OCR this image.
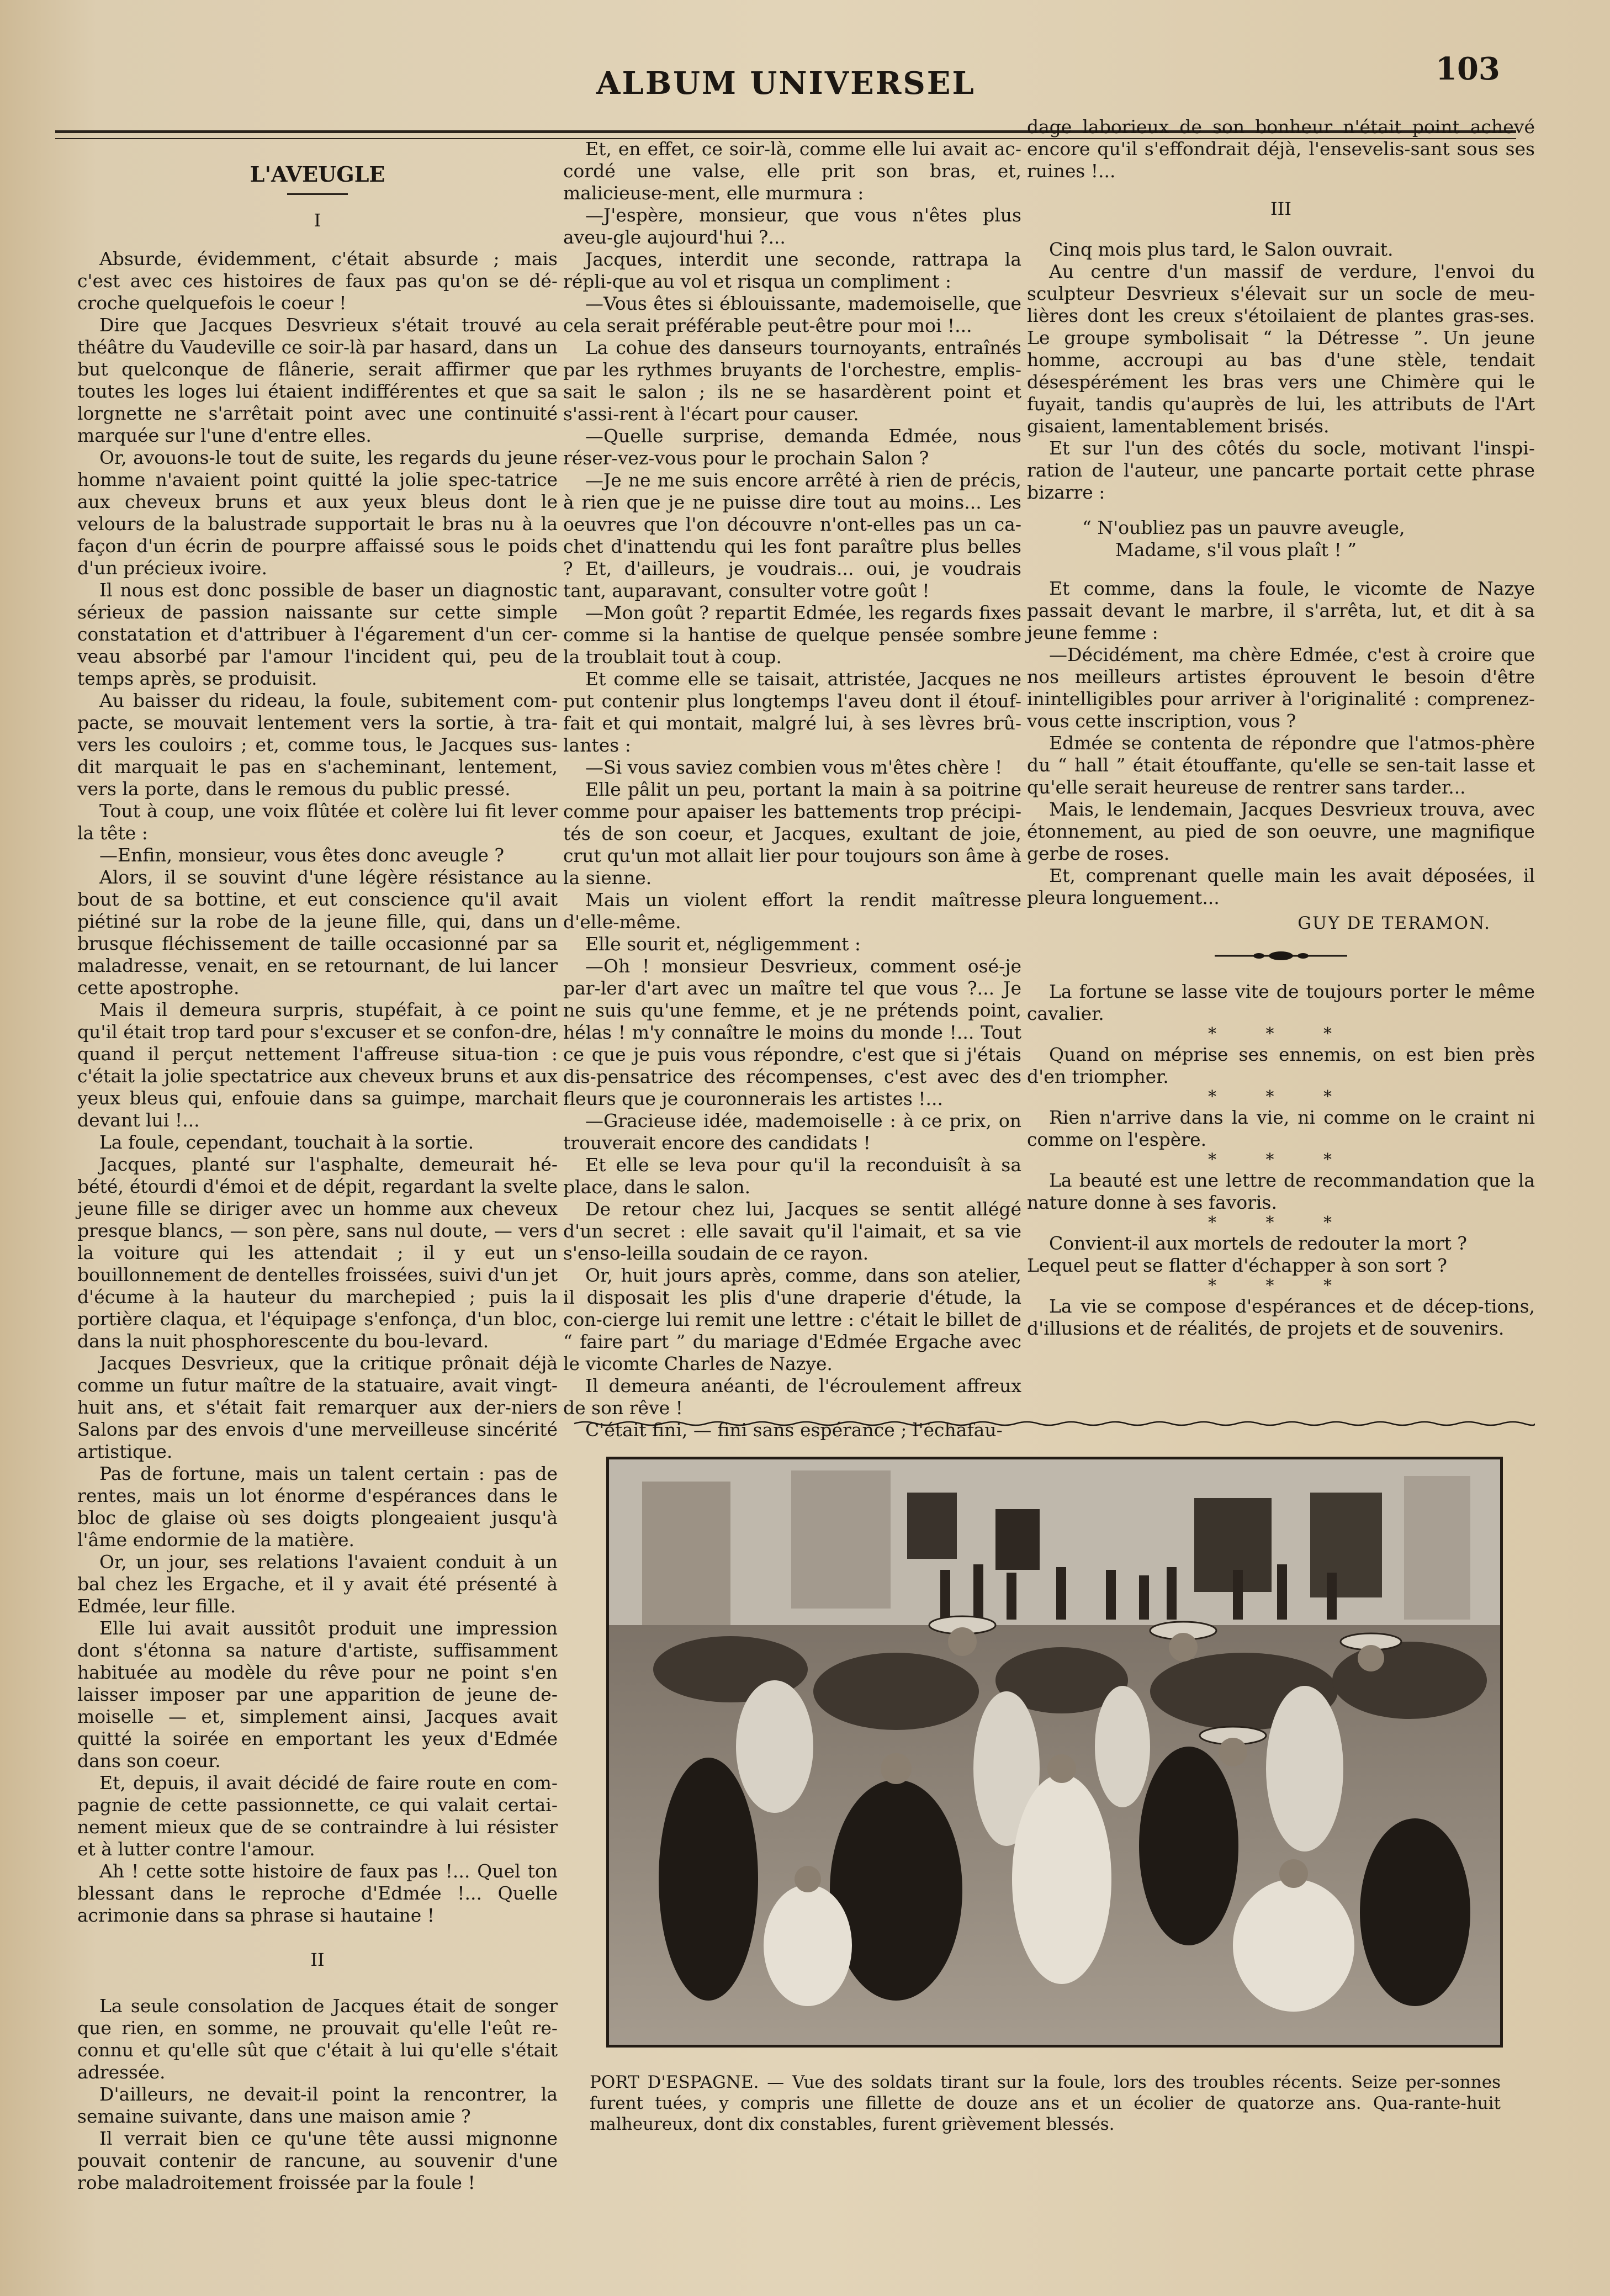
ALBUM UNIVERSEL	103
L'AVEUGLE
I

Absurde, évidemment, c'était absurde ; mais c'est avec ces histoires de faux pas qu'on se dé-croche quelquefois le coeur !

Dire que Jacques Desvrieux s'était trouvé au théâtre du Vaudeville ce soir-là par hasard, dans un but quelconque de flânerie, serait affirmer que toutes les loges lui étaient indifférentes et que sa lorgnette ne s'arrêtait point avec une continuité marquée sur l'une d'entre elles.

Or, avouons-le tout de suite, les regards du jeune homme n'avaient point quitté la jolie spec-tatrice aux cheveux bruns et aux yeux bleus dont le velours de la balustrade supportait le bras nu à la façon d'un écrin de pourpre affaissé sous le poids d'un précieux ivoire.

Il nous est donc possible de baser un diagnostic sérieux de passion naissante sur cette simple constatation et d'attribuer à l'égarement d'un cer-veau absorbé par l'amour l'incident qui, peu de temps après, se produisit.

Au baisser du rideau, la foule, subitement com-pacte, se mouvait lentement vers la sortie, à tra-vers les couloirs ; et, comme tous, le Jacques sus-dit marquait le pas en s'acheminant, lentement, vers la porte, dans le remous du public pressé.

Tout à coup, une voix flûtée et colère lui fit lever la tête :

—Enfin, monsieur, vous êtes donc aveugle ?

Alors, il se souvint d'une légère résistance au bout de sa bottine, et eut conscience qu'il avait piétiné sur la robe de la jeune fille, qui, dans un brusque fléchissement de taille occasionné par sa maladresse, venait, en se retournant, de lui lancer cette apostrophe.

Mais il demeura surpris, stupéfait, à ce point qu'il était trop tard pour s'excuser et se confon-dre, quand il perçut nettement l'affreuse situa-tion : c'était la jolie spectatrice aux cheveux bruns et aux yeux bleus qui, enfouie dans sa guimpe, marchait devant lui !...

La foule, cependant, touchait à la sortie.

Jacques, planté sur l'asphalte, demeurait hé-bété, étourdi d'émoi et de dépit, regardant la svelte jeune fille se diriger avec un homme aux cheveux presque blancs, — son père, sans nul doute, — vers la voiture qui les attendait ; il y eut un bouillonnement de dentelles froissées, suivi d'un jet d'écume à la hauteur du marchepied ; puis la portière claqua, et l'équipage s'enfonça, d'un bloc, dans la nuit phosphorescente du bou-levard.

Jacques Desvrieux, que la critique prônait déjà comme un futur maître de la statuaire, avait vingt-huit ans, et s'était fait remarquer aux der-niers Salons par des envois d'une merveilleuse sincérité artistique.

Pas de fortune, mais un talent certain : pas de rentes, mais un lot énorme d'espérances dans le bloc de glaise où ses doigts plongeaient jusqu'à l'âme endormie de la matière.

Or, un jour, ses relations l'avaient conduit à un bal chez les Ergache, et il y avait été présenté à Edmée, leur fille.

Elle lui avait aussitôt produit une impression dont s'étonna sa nature d'artiste, suffisamment habituée au modèle du rêve pour ne point s'en laisser imposer par une apparition de jeune de-moiselle — et, simplement ainsi, Jacques avait quitté la soirée en emportant les yeux d'Edmée dans son coeur.

Et, depuis, il avait décidé de faire route en com-pagnie de cette passionnette, ce qui valait certai-nement mieux que de se contraindre à lui résister et à lutter contre l'amour.

Ah ! cette sotte histoire de faux pas !... Quel ton blessant dans le reproche d'Edmée !... Quelle acrimonie dans sa phrase si hautaine !

II

La seule consolation de Jacques était de songer que rien, en somme, ne prouvait qu'elle l'eût re-connu et qu'elle sût que c'était à lui qu'elle s'était adressée.

D'ailleurs, ne devait-il point la rencontrer, la semaine suivante, dans une maison amie ?

Il verrait bien ce qu'une tête aussi mignonne pouvait contenir de rancune, au souvenir d'une robe maladroitement froissée par la foule !

Et, en effet, ce soir-là, comme elle lui avait ac-cordé une valse, elle prit son bras, et, malicieuse-ment, elle murmura :

—J'espère, monsieur, que vous n'êtes plus aveu-gle aujourd'hui ?...

Jacques, interdit une seconde, rattrapa la répli-que au vol et risqua un compliment :

—Vous êtes si éblouissante, mademoiselle, que cela serait préférable peut-être pour moi !...

La cohue des danseurs tournoyants, entraînés par les rythmes bruyants de l'orchestre, emplis-sait le salon ; ils ne se hasardèrent point et s'assi-rent à l'écart pour causer.

—Quelle surprise, demanda Edmée, nous réser-vez-vous pour le prochain Salon ?

—Je ne me suis encore arrêté à rien de précis, à rien que je ne puisse dire tout au moins... Les oeuvres que l'on découvre n'ont-elles pas un ca-chet d'inattendu qui les font paraître plus belles ? Et, d'ailleurs, je voudrais... oui, je voudrais tant, auparavant, consulter votre goût !

—Mon goût ? repartit Edmée, les regards fixes comme si la hantise de quelque pensée sombre la troublait tout à coup.

Et comme elle se taisait, attristée, Jacques ne put contenir plus longtemps l'aveu dont il étouf-fait et qui montait, malgré lui, à ses lèvres brû-lantes :

—Si vous saviez combien vous m'êtes chère !

Elle pâlit un peu, portant la main à sa poitrine comme pour apaiser les battements trop précipi-tés de son coeur, et Jacques, exultant de joie, crut qu'un mot allait lier pour toujours son âme à la sienne.

Mais un violent effort la rendit maîtresse d'elle-même.

Elle sourit et, négligemment :

—Oh ! monsieur Desvrieux, comment osé-je par-ler d'art avec un maître tel que vous ?... Je ne suis qu'une femme, et je ne prétends point, hélas ! m'y connaître le moins du monde !... Tout ce que je puis vous répondre, c'est que si j'étais dis-pensatrice des récompenses, c'est avec des fleurs que je couronnerais les artistes !...

—Gracieuse idée, mademoiselle : à ce prix, on trouverait encore des candidats !

Et elle se leva pour qu'il la reconduisît à sa place, dans le salon.

De retour chez lui, Jacques se sentit allégé d'un secret : elle savait qu'il l'aimait, et sa vie s'enso-leilla soudain de ce rayon.

Or, huit jours après, comme, dans son atelier, il disposait les plis d'une draperie d'étude, la con-cierge lui remit une lettre : c'était le billet de “ faire part ” du mariage d'Edmée Ergache avec le vicomte Charles de Nazye.

Il demeura anéanti, de l'écroulement affreux de son rêve !

C'était fini, — fini sans espérance ; l'échafau-

dage laborieux de son bonheur n'était point achevé encore qu'il s'effondrait déjà, l'ensevelis-sant sous ses ruines !...

III

Cinq mois plus tard, le Salon ouvrait.

Au centre d'un massif de verdure, l'envoi du sculpteur Desvrieux s'élevait sur un socle de meu-lières dont les creux s'étoilaient de plantes gras-ses. Le groupe symbolisait “ la Détresse ”. Un jeune homme, accroupi au bas d'une stèle, tendait désespérément les bras vers une Chimère qui le fuyait, tandis qu'auprès de lui, les attributs de l'Art gisaient, lamentablement brisés.

Et sur l'un des côtés du socle, motivant l'inspi-ration de l'auteur, une pancarte portait cette phrase bizarre :

“ N'oubliez pas un pauvre aveugle,
Madame, s'il vous plaît ! ”

Et comme, dans la foule, le vicomte de Nazye passait devant le marbre, il s'arrêta, lut, et dit à sa jeune femme :

—Décidément, ma chère Edmée, c'est à croire que nos meilleurs artistes éprouvent le besoin d'être inintelligibles pour arriver à l'originalité : comprenez-vous cette inscription, vous ?

Edmée se contenta de répondre que l'atmos-phère du “ hall ” était étouffante, qu'elle se sen-tait lasse et qu'elle serait heureuse de rentrer sans tarder...

Mais, le lendemain, Jacques Desvrieux trouva, avec étonnement, au pied de son oeuvre, une magnifique gerbe de roses.

Et, comprenant quelle main les avait déposées, il pleura longuement...

GUY DE TERAMON.

La fortune se lasse vite de toujours porter le même cavalier.

* * *

Quand on méprise ses ennemis, on est bien près d'en triompher.

* * *

Rien n'arrive dans la vie, ni comme on le craint ni comme on l'espère.

* * *

La beauté est une lettre de recommandation que la nature donne à ses favoris.

* * *

Convient-il aux mortels de redouter la mort ?
Lequel peut se flatter d'échapper à son sort ?

* * *

La vie se compose d'espérances et de décep-tions, d'illusions et de réalités, de projets et de souvenirs.

PORT D'ESPAGNE. — Vue des soldats tirant sur la foule, lors des troubles récents. Seize per-sonnes furent tuées, y compris une fillette de douze ans et un écolier de quatorze ans. Qua-rante-huit malheureux, dont dix constables, furent grièvement blessés.
